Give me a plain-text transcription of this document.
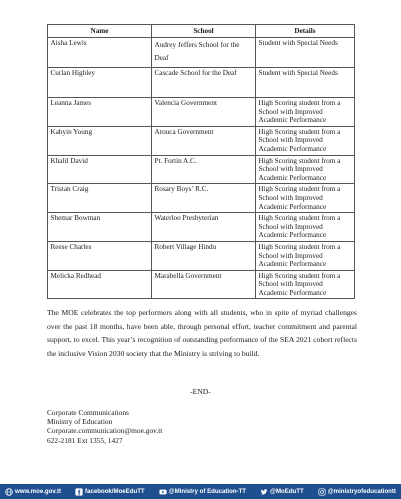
Name	School	Details
Aisha Lewis	Audrey Jeffers School for the Deaf	Student with Special Needs
Curlan Highley	Cascade School for the Deaf	Student with Special Needs
Leanna James	Valencia Government	High Scoring student from a School with Improved Academic Performance
Kahyin Young	Arouca Government	High Scoring student from a School with Improved Academic Performance
Khalil David	Pt. Fortin A.C.	High Scoring student from a School with Improved Academic Performance
Tristan Craig	Rosary Boys’ R.C.	High Scoring student from a School with Improved Academic Performance
Shemar Bowman	Waterloo Presbyterian	High Scoring student from a School with Improved Academic Performance
Reese Charles	Robert Village Hindu	High Scoring student from a School with Improved Academic Performance
Melicka Redhead	Marabella Government	High Scoring student from a School with Improved Academic Performance

The MOE celebrates the top performers along with all students, who in spite of myriad challenges over the past 18 months, have been able, through personal effort, teacher commitment and parental support, to excel. This year’s recognition of outstanding performance of the SEA 2021 cohort reflects the inclusive Vision 2030 society that the Ministry is striving to build.

-END-
Corporate Communications
Ministry of Education
Corporate.communication@moe.gov.tt
622-2181 Ext 1355, 1427
www.moe.gov.tt	facebook/MoeEduTT	@Ministry of Education-TT	@MoEduTT	@ministryofeducationtt
